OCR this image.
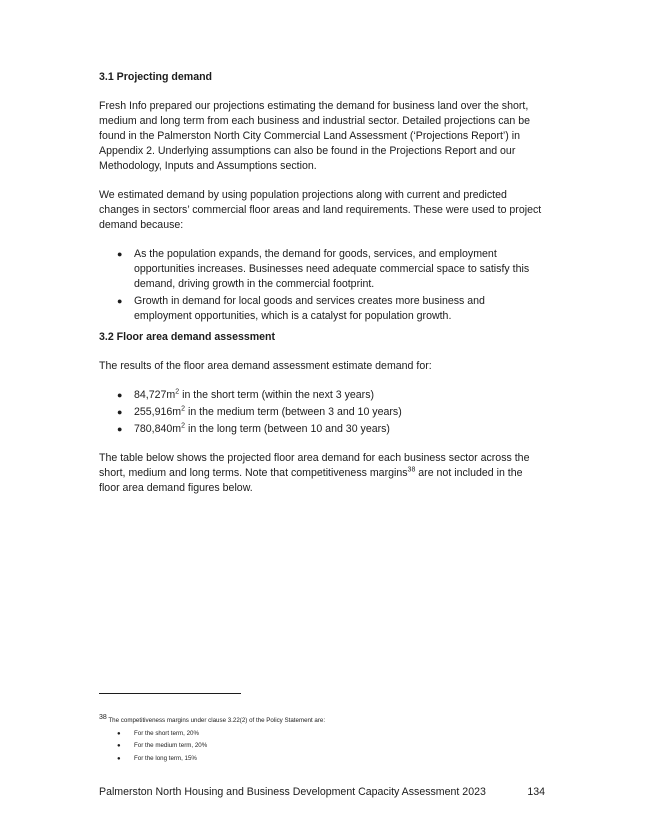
3.1 Projecting demand

Fresh Info prepared our projections estimating the demand for business land over the short, medium and long term from each business and industrial sector. Detailed projections can be found in the Palmerston North City Commercial Land Assessment (‘Projections Report’) in Appendix 2. Underlying assumptions can also be found in the Projections Report and our Methodology, Inputs and Assumptions section.

We estimated demand by using population projections along with current and predicted changes in sectors’ commercial floor areas and land requirements. These were used to project demand because:

● As the population expands, the demand for goods, services, and employment opportunities increases. Businesses need adequate commercial space to satisfy this demand, driving growth in the commercial footprint.
● Growth in demand for local goods and services creates more business and employment opportunities, which is a catalyst for population growth.
3.2 Floor area demand assessment

The results of the floor area demand assessment estimate demand for:

● $84,727m^2$ in the short term (within the next 3 years)
● $255,916m^2$ in the medium term (between 3 and 10 years)
● $780,840m^2$ in the long term (between 10 and 30 years)

The table below shows the projected floor area demand for each business sector across the short, medium and long terms. Note that competitiveness margins$^{38}$ are not included in the floor area demand figures below.

$^{38}$ The competitiveness margins under clause 3.22(2) of the Policy Statement are:
● For the short term, 20%
● For the medium term, 20%
● For the long term, 15%
Palmerston North Housing and Business Development Capacity Assessment 2023	134
